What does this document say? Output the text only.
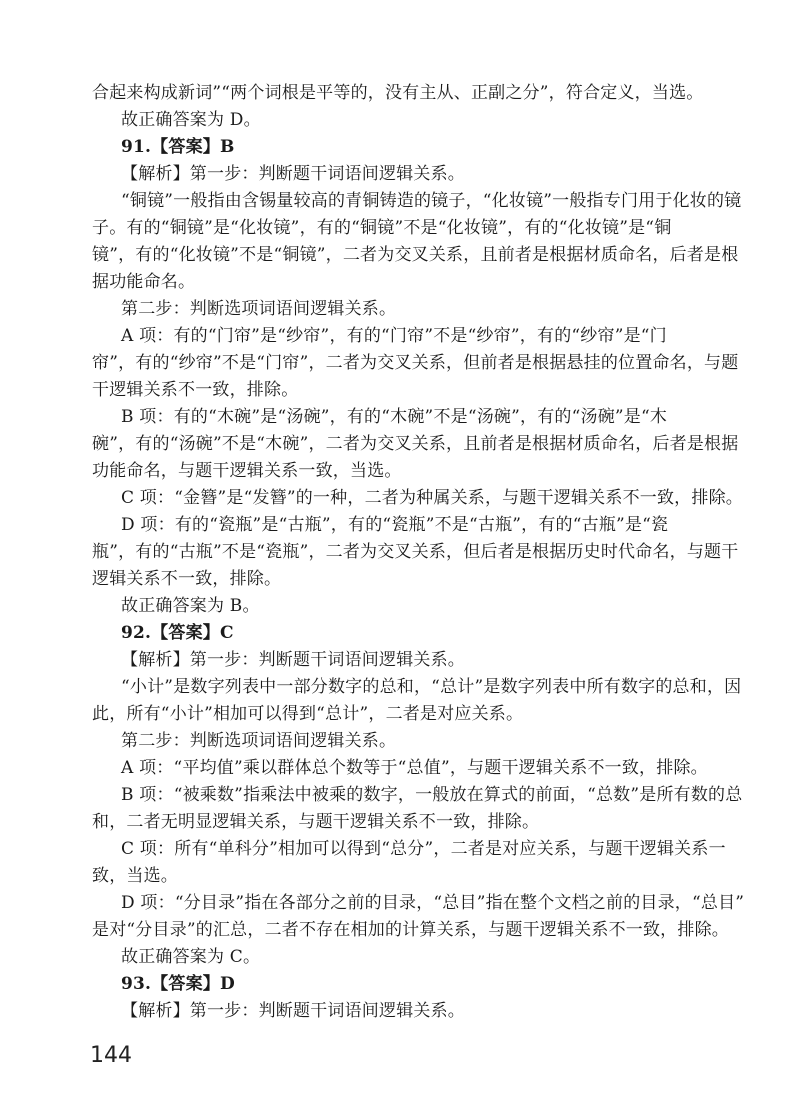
合起来构成新词”“两个词根是平等的，没有主从、正副之分”，符合定义，当选。
故正确答案为 D。
91.【答案】B
【解析】第一步：判断题干词语间逻辑关系。
“铜镜”一般指由含锡量较高的青铜铸造的镜子，“化妆镜”一般指专门用于化妆的镜
子。有的“铜镜”是“化妆镜”，有的“铜镜”不是“化妆镜”，有的“化妆镜”是“铜
镜”，有的“化妆镜”不是“铜镜”，二者为交叉关系，且前者是根据材质命名，后者是根
据功能命名。
第二步：判断选项词语间逻辑关系。
A 项：有的“门帘”是“纱帘”，有的“门帘”不是“纱帘”，有的“纱帘”是“门
帘”，有的“纱帘”不是“门帘”，二者为交叉关系，但前者是根据悬挂的位置命名，与题
干逻辑关系不一致，排除。
B 项：有的“木碗”是“汤碗”，有的“木碗”不是“汤碗”，有的“汤碗”是“木
碗”，有的“汤碗”不是“木碗”，二者为交叉关系，且前者是根据材质命名，后者是根据
功能命名，与题干逻辑关系一致，当选。
C 项：“金簪”是“发簪”的一种，二者为种属关系，与题干逻辑关系不一致，排除。
D 项：有的“瓷瓶”是“古瓶”，有的“瓷瓶”不是“古瓶”，有的“古瓶”是“瓷
瓶”，有的“古瓶”不是“瓷瓶”，二者为交叉关系，但后者是根据历史时代命名，与题干
逻辑关系不一致，排除。
故正确答案为 B。
92.【答案】C
【解析】第一步：判断题干词语间逻辑关系。
“小计”是数字列表中一部分数字的总和，“总计”是数字列表中所有数字的总和，因
此，所有“小计”相加可以得到“总计”，二者是对应关系。
第二步：判断选项词语间逻辑关系。
A 项：“平均值”乘以群体总个数等于“总值”，与题干逻辑关系不一致，排除。
B 项：“被乘数”指乘法中被乘的数字，一般放在算式的前面，“总数”是所有数的总
和，二者无明显逻辑关系，与题干逻辑关系不一致，排除。
C 项：所有“单科分”相加可以得到“总分”，二者是对应关系，与题干逻辑关系一
致，当选。
D 项：“分目录”指在各部分之前的目录，“总目”指在整个文档之前的目录，“总目”
是对“分目录”的汇总，二者不存在相加的计算关系，与题干逻辑关系不一致，排除。
故正确答案为 C。
93.【答案】D
【解析】第一步：判断题干词语间逻辑关系。
144
